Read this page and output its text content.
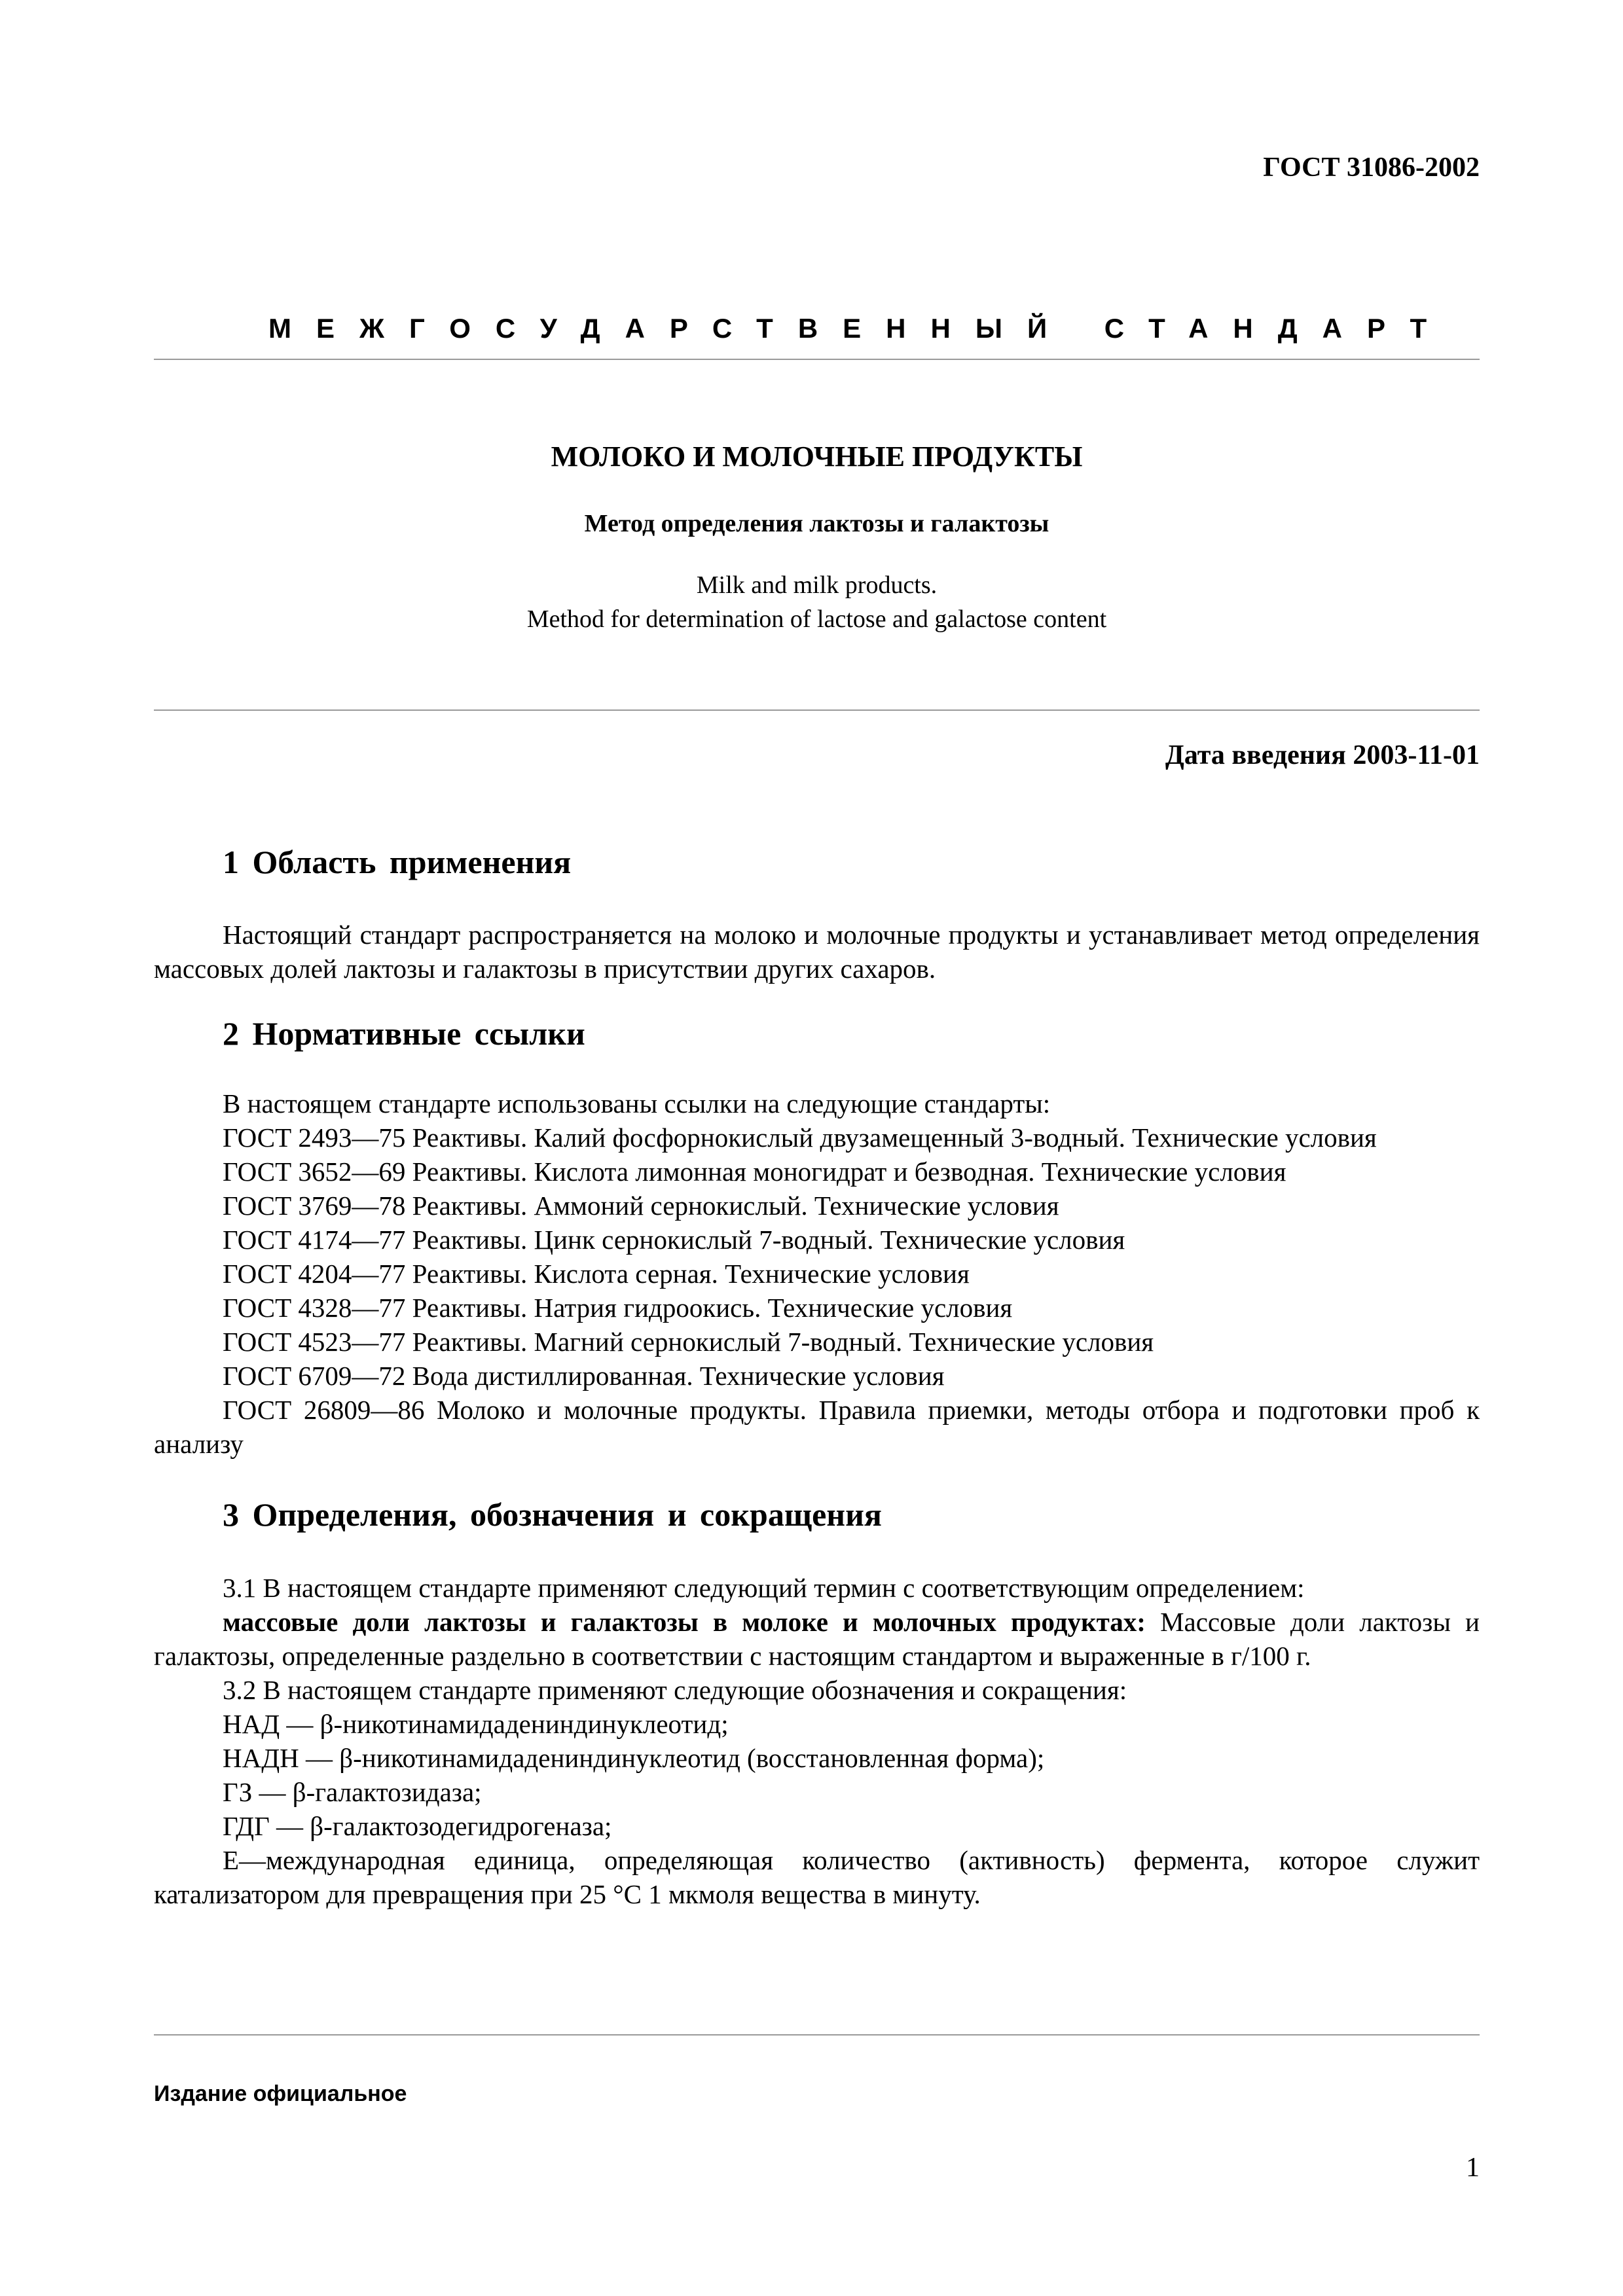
ГОСТ 31086-2002
МЕЖГОСУДАРСТВЕННЫЙ СТАНДАРТ
МОЛОКО И МОЛОЧНЫЕ ПРОДУКТЫ
Метод определения лактозы и галактозы
Milk and milk products.
Method for determination of lactose and galactose content
Дата введения 2003-11-01
1 Область применения

Настоящий стандарт распространяется на молоко и молочные продукты и устанавливает метод определения массовых долей лактозы и галактозы в присутствии других сахаров.

2 Нормативные ссылки

В настоящем стандарте использованы ссылки на следующие стандарты:

ГОСТ 2493—75 Реактивы. Калий фосфорнокислый двузамещенный 3-водный. Технические условия

ГОСТ 3652—69 Реактивы. Кислота лимонная моногидрат и безводная. Технические условия

ГОСТ 3769—78 Реактивы. Аммоний сернокислый. Технические условия

ГОСТ 4174—77 Реактивы. Цинк сернокислый 7-водный. Технические условия

ГОСТ 4204—77 Реактивы. Кислота серная. Технические условия

ГОСТ 4328—77 Реактивы. Натрия гидроокись. Технические условия

ГОСТ 4523—77 Реактивы. Магний сернокислый 7-водный. Технические условия

ГОСТ 6709—72 Вода дистиллированная. Технические условия

ГОСТ 26809—86 Молоко и молочные продукты. Правила приемки, методы отбора и подготовки проб к анализу

3 Определения, обозначения и сокращения

3.1 В настоящем стандарте применяют следующий термин с соответствующим определением:

массовые доли лактозы и галактозы в молоке и молочных продуктах: Массовые доли лактозы и галактозы, определенные раздельно в соответствии с настоящим стандартом и выраженные в г/100 г.

3.2 В настоящем стандарте применяют следующие обозначения и сокращения:

НАД — β-никотинамидадениндинуклеотид;

НАДН — β-никотинамидадениндинуклеотид (восстановленная форма);

ГЗ — β-галактозидаза;

ГДГ — β-галактозодегидрогеназа;

Е—международная единица, определяющая количество (активность) фермента, которое служит катализатором для превращения при 25 °С 1 мкмоля вещества в минуту.

Издание официальное
1
